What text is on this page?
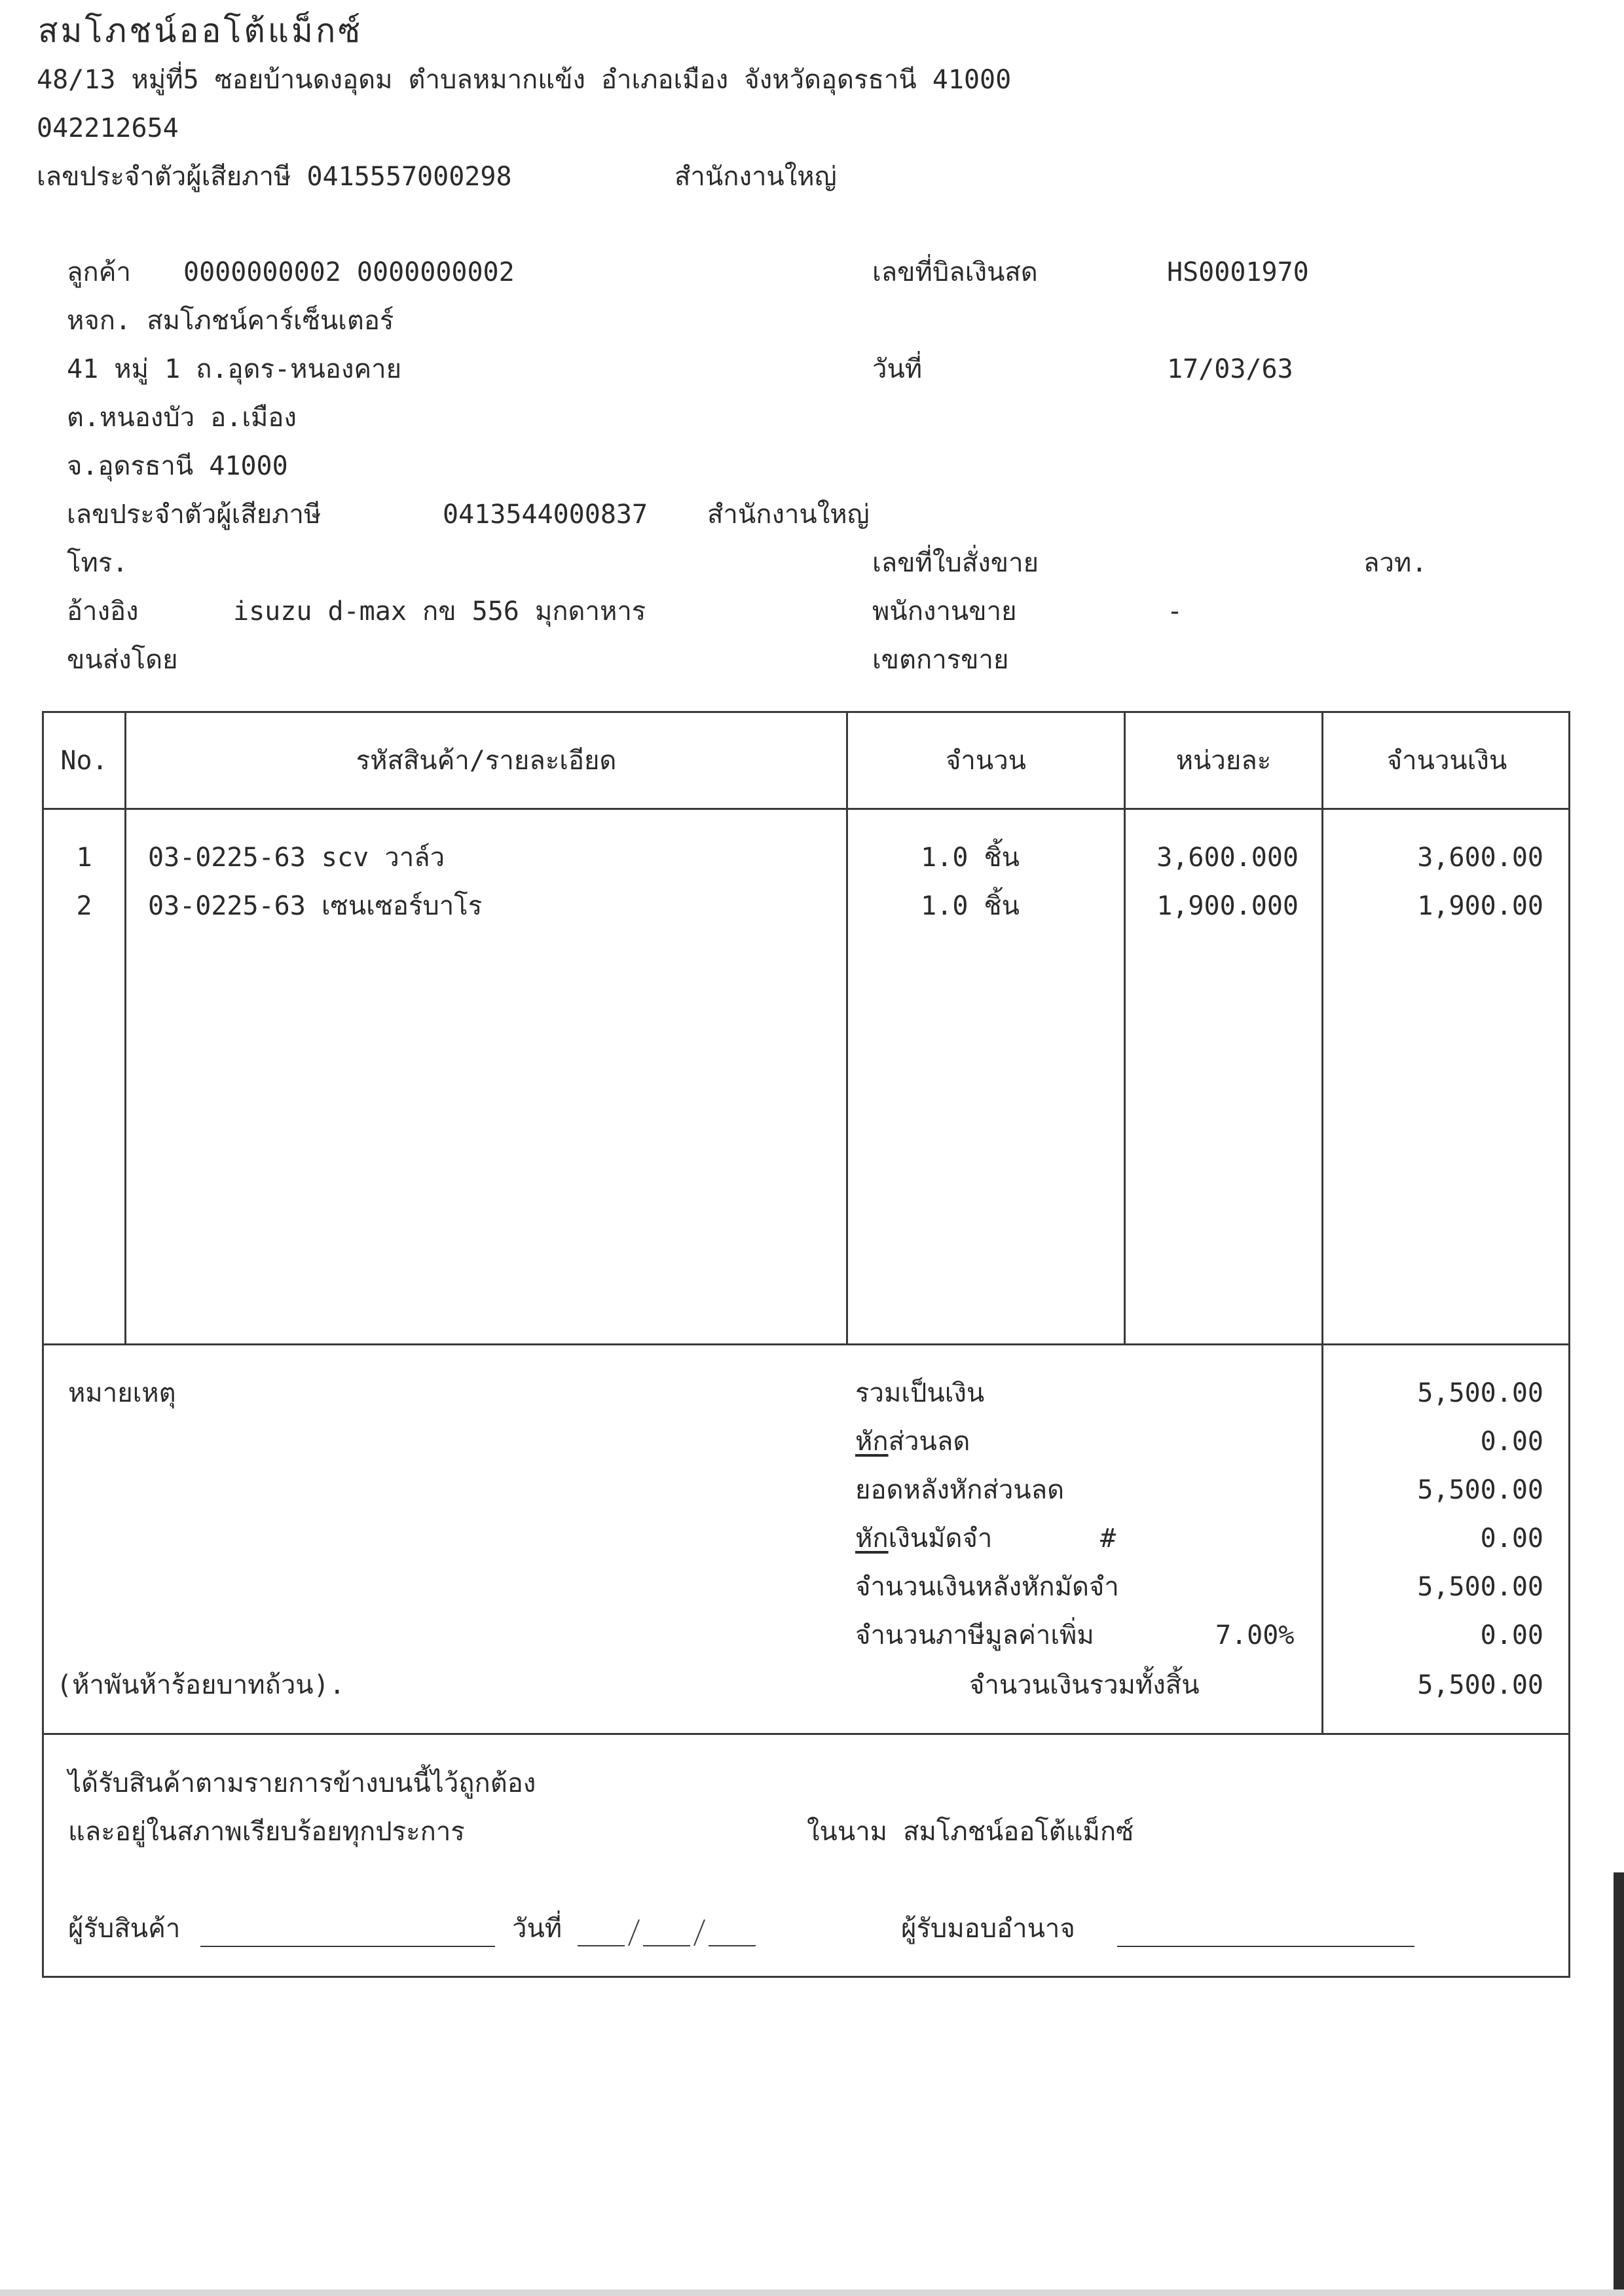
สมโภชน์ออโต้แม็กซ์
48/13 หมู่ที่5 ซอยบ้านดงอุดม ตำบลหมากแข้ง อำเภอเมือง จังหวัดอุดรธานี 41000
042212654
เลขประจำตัวผู้เสียภาษี 0415557000298	สำนักงานใหญ่
ลูกค้า 0000000002 0000000002
หจก. สมโภชน์คาร์เซ็นเตอร์
41 หมู่ 1 ถ.อุดร-หนองคาย
ต.หนองบัว อ.เมือง
จ.อุดรธานี 41000
เลขประจำตัวผู้เสียภาษี	0413544000837 สำนักงานใหญ่
โทร.
อ้างอิง	isuzu d-max กข 556 มุกดาหาร
ขนส่งโดย
เลขที่บิลเงินสด	HS0001970
วันที่	17/03/63
เลขที่ใบสั่งขาย	ลวท.
พนักงานขาย	-
เขตการขาย
No.	รหัสสินค้า/รายละเอียด	จำนวน	หน่วยละ	จำนวนเงิน
1	03-0225-63 scv วาล์ว	1.0 ชิ้น	3,600.000	3,600.00
2	03-0225-63 เซนเซอร์บาโร	1.0 ชิ้น	1,900.000	1,900.00
หมายเหตุ
(ห้าพันห้าร้อยบาทถ้วน).
รวมเป็นเงิน	5,500.00
หักส่วนลด	0.00
ยอดหลังหักส่วนลด	5,500.00
หักเงินมัดจำ	#	0.00
จำนวนเงินหลังหักมัดจำ	5,500.00
จำนวนภาษีมูลค่าเพิ่ม	7.00%	0.00
จำนวนเงินรวมทั้งสิ้น	5,500.00
ได้รับสินค้าตามรายการข้างบนนี้ไว้ถูกต้อง
และอยู่ในสภาพเรียบร้อยทุกประการ	ในนาม สมโภชน์ออโต้แม็กซ์
ผู้รับสินค้า	วันที่	ผู้รับมอบอำนาจ
